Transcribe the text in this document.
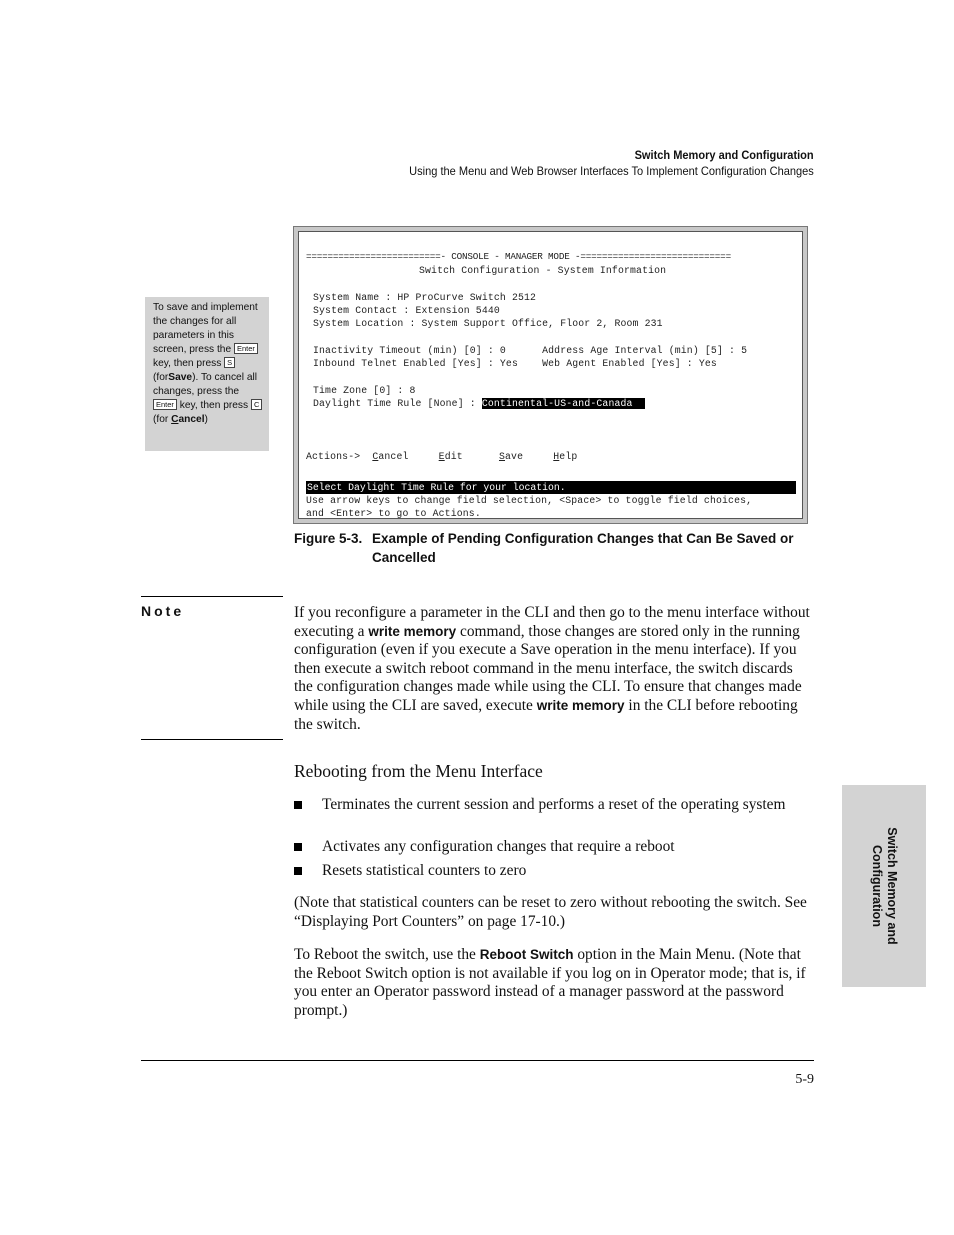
Switch Memory and Configuration
Using the Menu and Web Browser Interfaces To Implement Configuration Changes
To save and implement the changes for all parameters in this screen, press the Enter key, then press S (forSave). To cancel all changes, press the Enter key, then press C (for Cancel)
=========================- CONSOLE - MANAGER MODE -============================
Switch Configuration - System Information
System Name : HP ProCurve Switch 2512
System Contact : Extension 5440
System Location : System Support Office, Floor 2, Room 231
Inactivity Timeout (min) [0] : 0      Address Age Interval (min) [5] : 5
Inbound Telnet Enabled [Yes] : Yes    Web Agent Enabled [Yes] : Yes
Time Zone [0] : 8
Daylight Time Rule [None] : Continental-US-and-Canada
Actions-> Cancel	Edit	Save	Help
Select Daylight Time Rule for your location.
Use arrow keys to change field selection, <Space> to toggle field choices,
and <Enter> to go to Actions.
Figure 5-3. Example of Pending Configuration Changes that Can Be Saved or
Cancelled
Note	If you reconfigure a parameter in the CLI and then go to the menu interface without executing a write memory command, those changes are stored only in the running configuration (even if you execute a Save operation in the menu interface). If you then execute a switch reboot command in the menu interface, the switch discards the configuration changes made while using the CLI. To ensure that changes made while using the CLI are saved, execute write memory in the CLI before rebooting the switch.
Rebooting from the Menu Interface
Terminates the current session and performs a reset of the operating system
Activates any configuration changes that require a reboot
Resets statistical counters to zero
(Note that statistical counters can be reset to zero without rebooting the switch. See “Displaying Port Counters” on page 17-10.)
To Reboot the switch, use the Reboot Switch option in the Main Menu. (Note that the Reboot Switch option is not available if you log on in Operator mode; that is, if you enter an Operator password instead of a manager password at the password prompt.)
Switch Memory and
Configuration
5-9
